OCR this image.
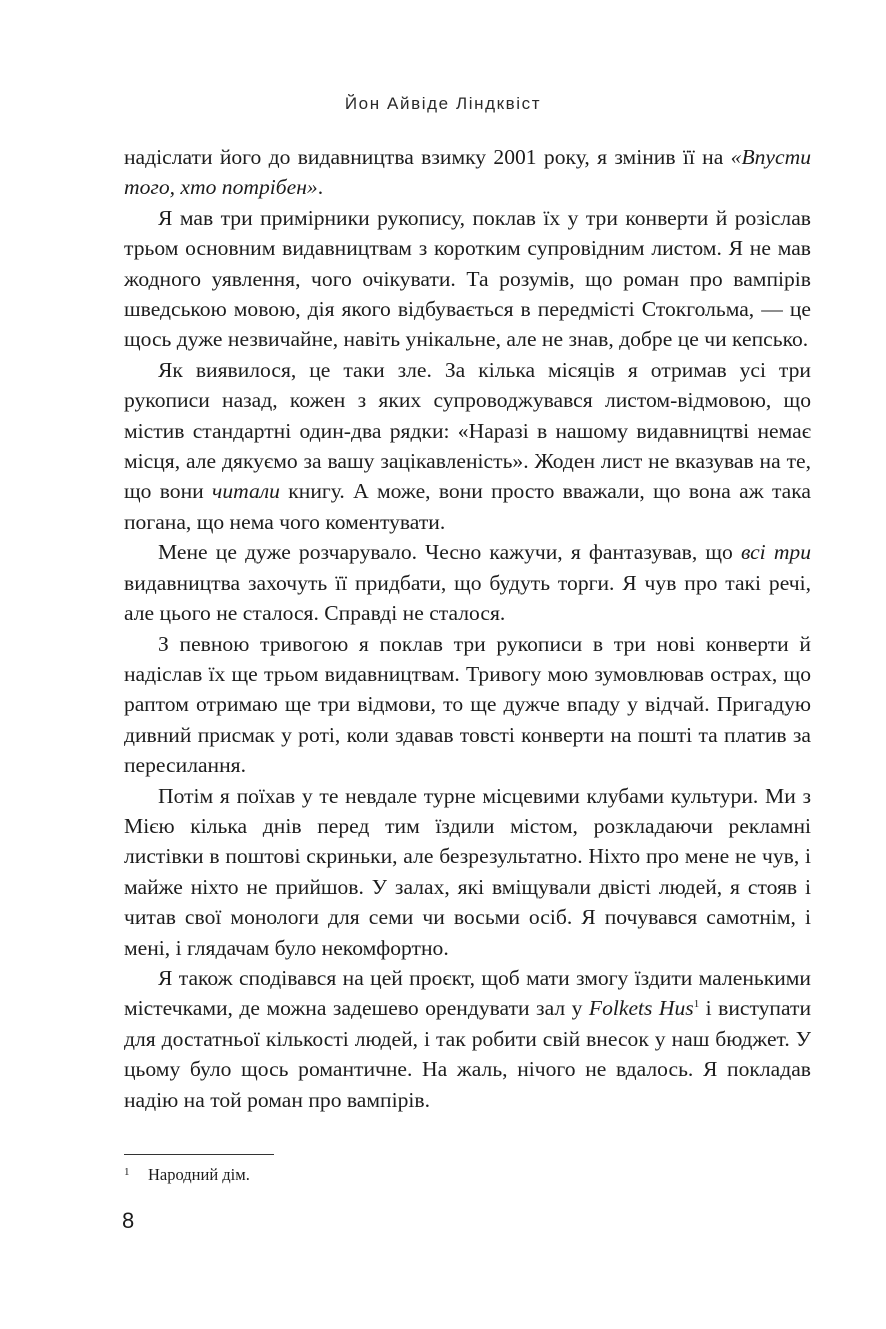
Йон Айвіде Ліндквіст

надіслати його до видавництва взимку 2001 року, я змінив її на «Впусти того, хто потрібен».

Я мав три примірники рукопису, поклав їх у три конверти й розіслав трьом основним видавництвам з коротким супровідним листом. Я не мав жодного уявлення, чого очікувати. Та розумів, що роман про вампірів шведською мовою, дія якого відбувається в передмісті Стокгольма, — це щось дуже незвичайне, навіть унікальне, але не знав, добре це чи кепсько.

Як виявилося, це таки зле. За кілька місяців я отримав усі три рукописи назад, кожен з яких супроводжувався листом-відмовою, що містив стандартні один-два рядки: «Наразі в нашому видавництві немає місця, але дякуємо за вашу зацікавленість». Жоден лист не вказував на те, що вони читали книгу. А може, вони просто вважали, що вона аж така погана, що нема чого коментувати.

Мене це дуже розчарувало. Чесно кажучи, я фантазував, що всі три видавництва захочуть її придбати, що будуть торги. Я чув про такі речі, але цього не сталося. Справді не сталося.

З певною тривогою я поклав три рукописи в три нові конверти й надіслав їх ще трьом видавництвам. Тривогу мою зумовлював острах, що раптом отримаю ще три відмови, то ще дужче впаду у відчай. Пригадую дивний присмак у роті, коли здавав товсті конверти на пошті та платив за пересилання.

Потім я поїхав у те невдале турне місцевими клубами культури. Ми з Мією кілька днів перед тим їздили містом, розкладаючи рекламні листівки в поштові скриньки, але безрезультатно. Ніхто про мене не чув, і майже ніхто не прийшов. У залах, які вміщували двісті людей, я стояв і читав свої монологи для семи чи восьми осіб. Я почувався самотнім, і мені, і глядачам було некомфортно.

Я також сподівався на цей проєкт, щоб мати змогу їздити маленькими містечками, де можна задешево орендувати зал у Folkets Hus$^1$ і виступати для достатньої кількості людей, і так робити свій внесок у наш бюджет. У цьому було щось романтичне. На жаль, нічого не вдалось. Я покладав надію на той роман про вампірів.

1 Народний дім.
8
